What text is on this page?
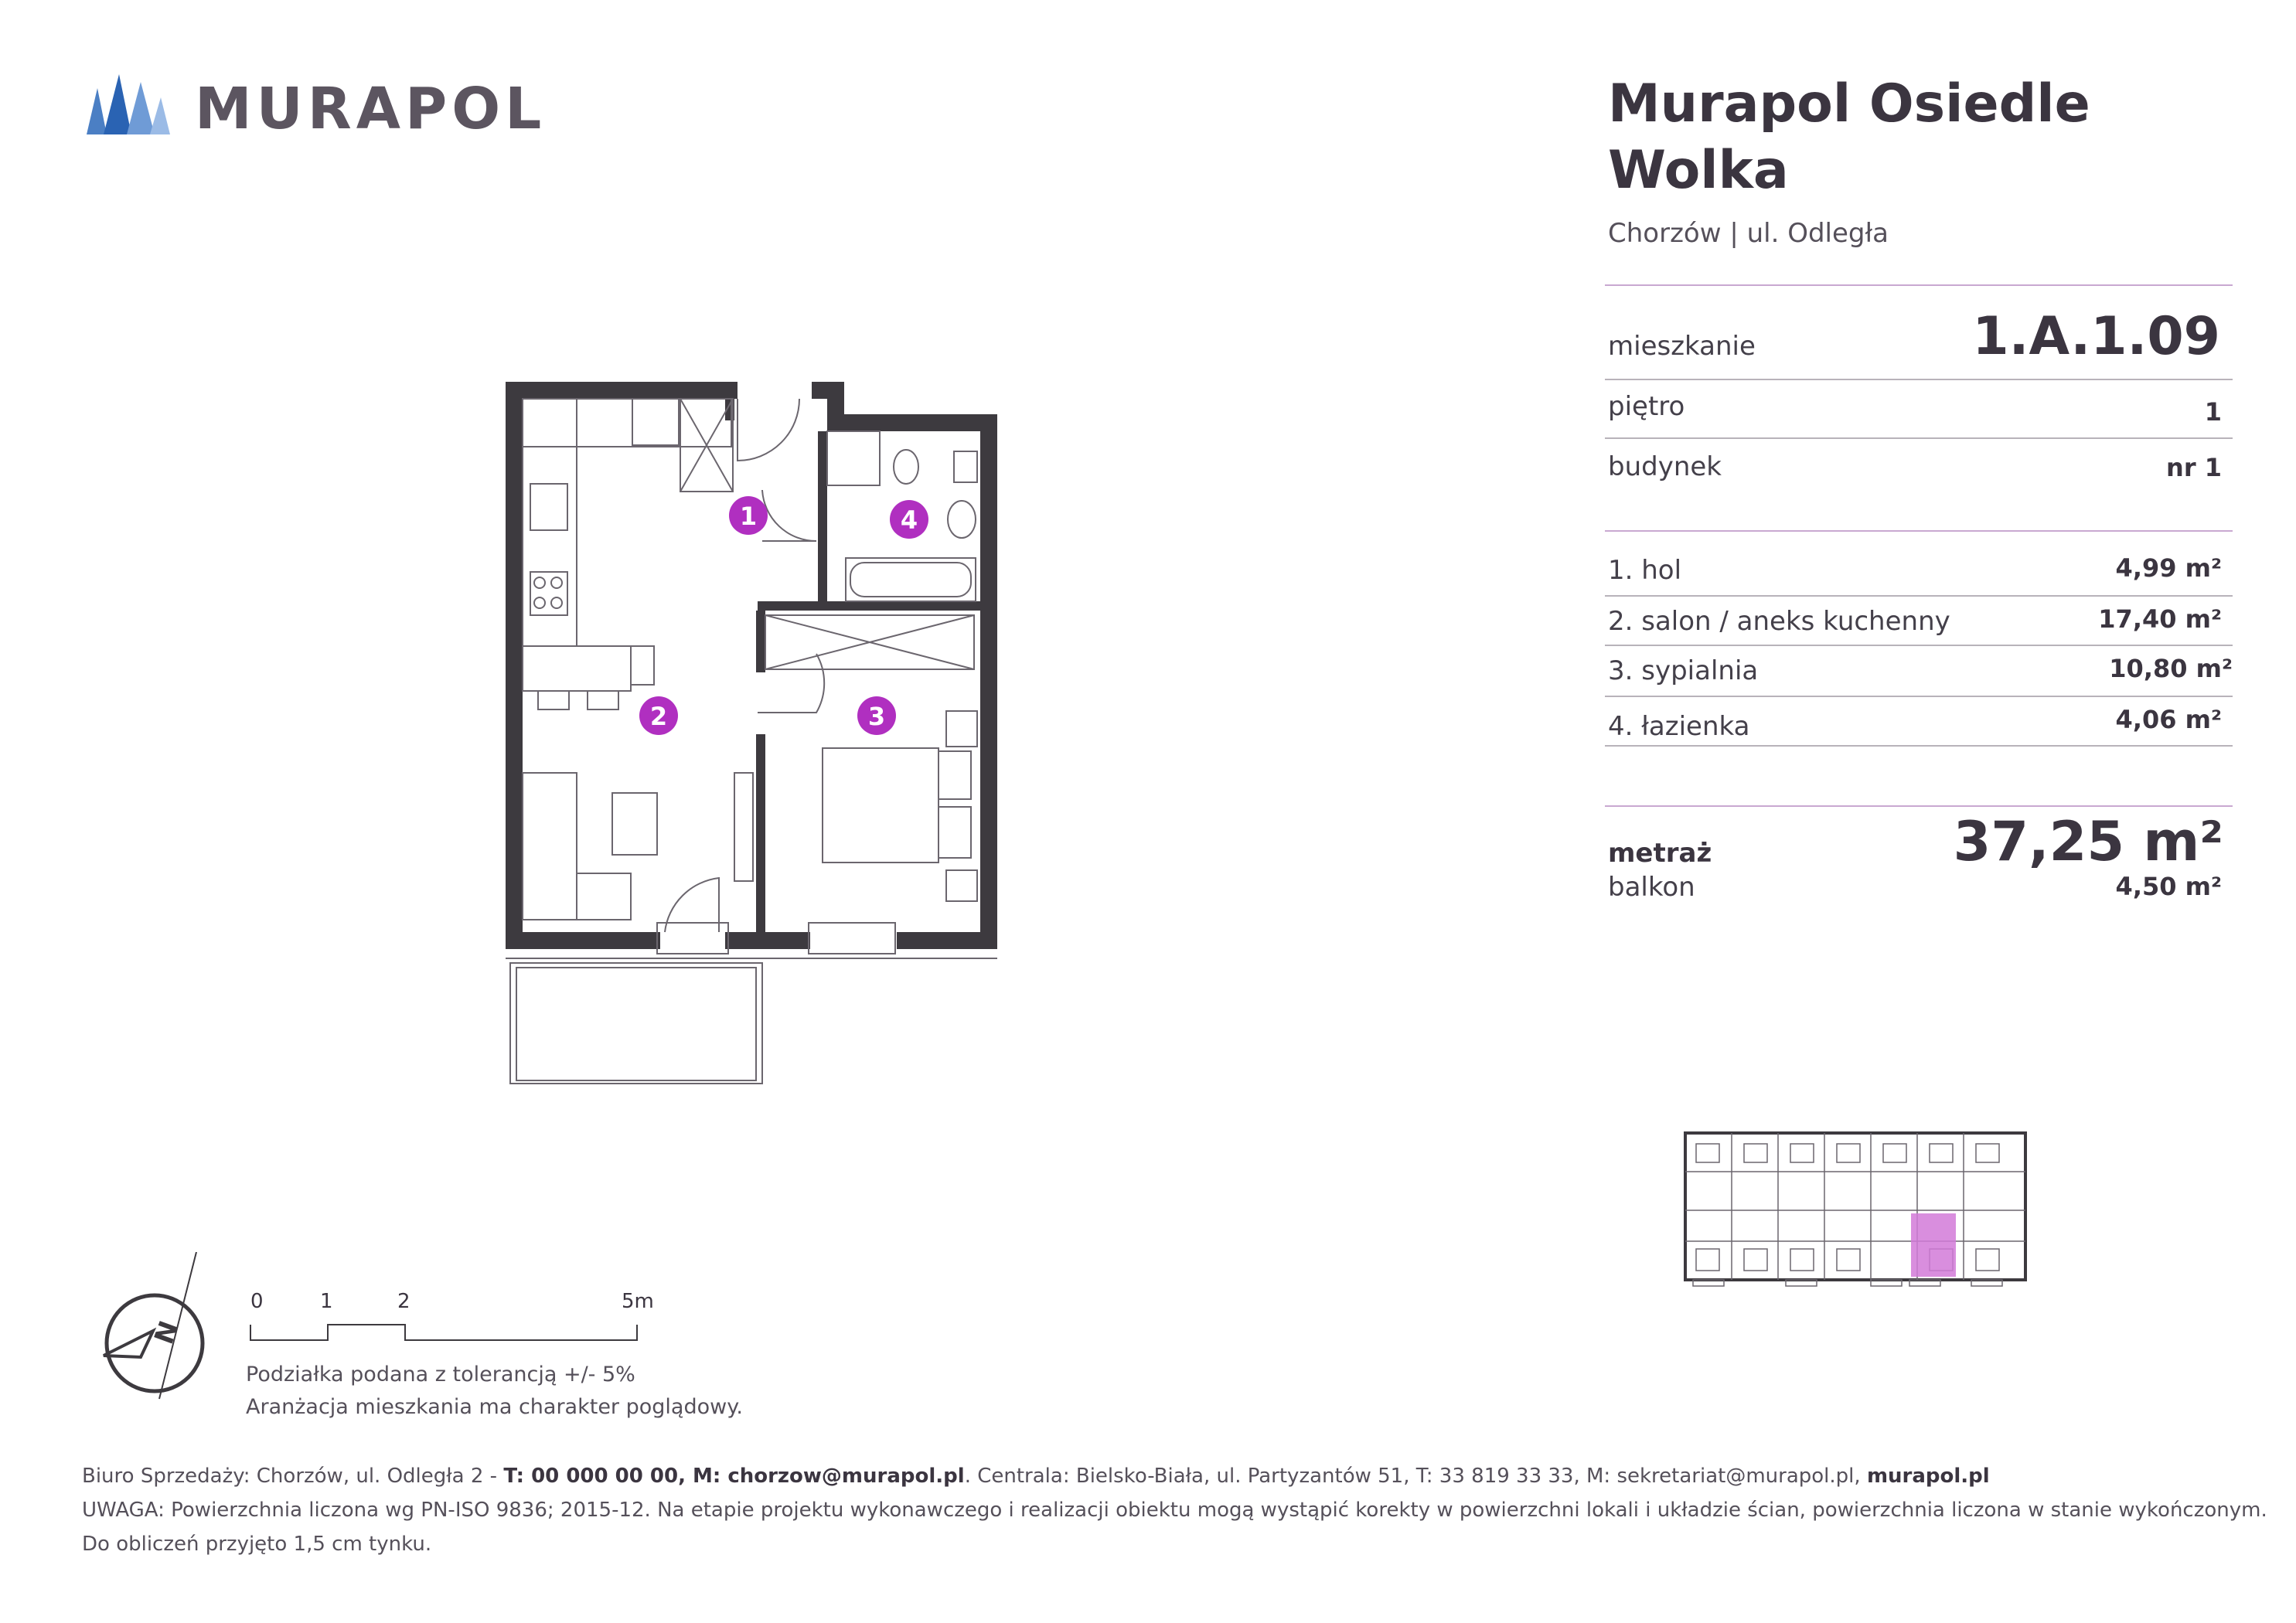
MURAPOL	Murapol Osiedle
Wolka
Chorzów | ul. Odległa
mieszkanie	1.A.1.09
piętro	1
budynek	nr 1
1. hol	4,99 m²
2. salon / aneks kuchenny	17,40 m²
3. sypialnia	10,80 m²
4. łazienka	4,06 m²
metraż	37,25 m²
balkon	4,50 m²
1	4
2	3
N
0	1	2	5m
Podziałka podana z tolerancją +/- 5%
Aranżacja mieszkania ma charakter poglądowy.
Biuro Sprzedaży: Chorzów, ul. Odległa 2 - T: 00 000 00 00, M: chorzow@murapol.pl. Centrala: Bielsko-Biała, ul. Partyzantów 51, T: 33 819 33 33, M: sekretariat@murapol.pl, murapol.pl
UWAGA: Powierzchnia liczona wg PN-ISO 9836; 2015-12. Na etapie projektu wykonawczego i realizacji obiektu mogą wystąpić korekty w powierzchni lokali i układzie ścian, powierzchnia liczona w stanie wykończonym.
Do obliczeń przyjęto 1,5 cm tynku.
